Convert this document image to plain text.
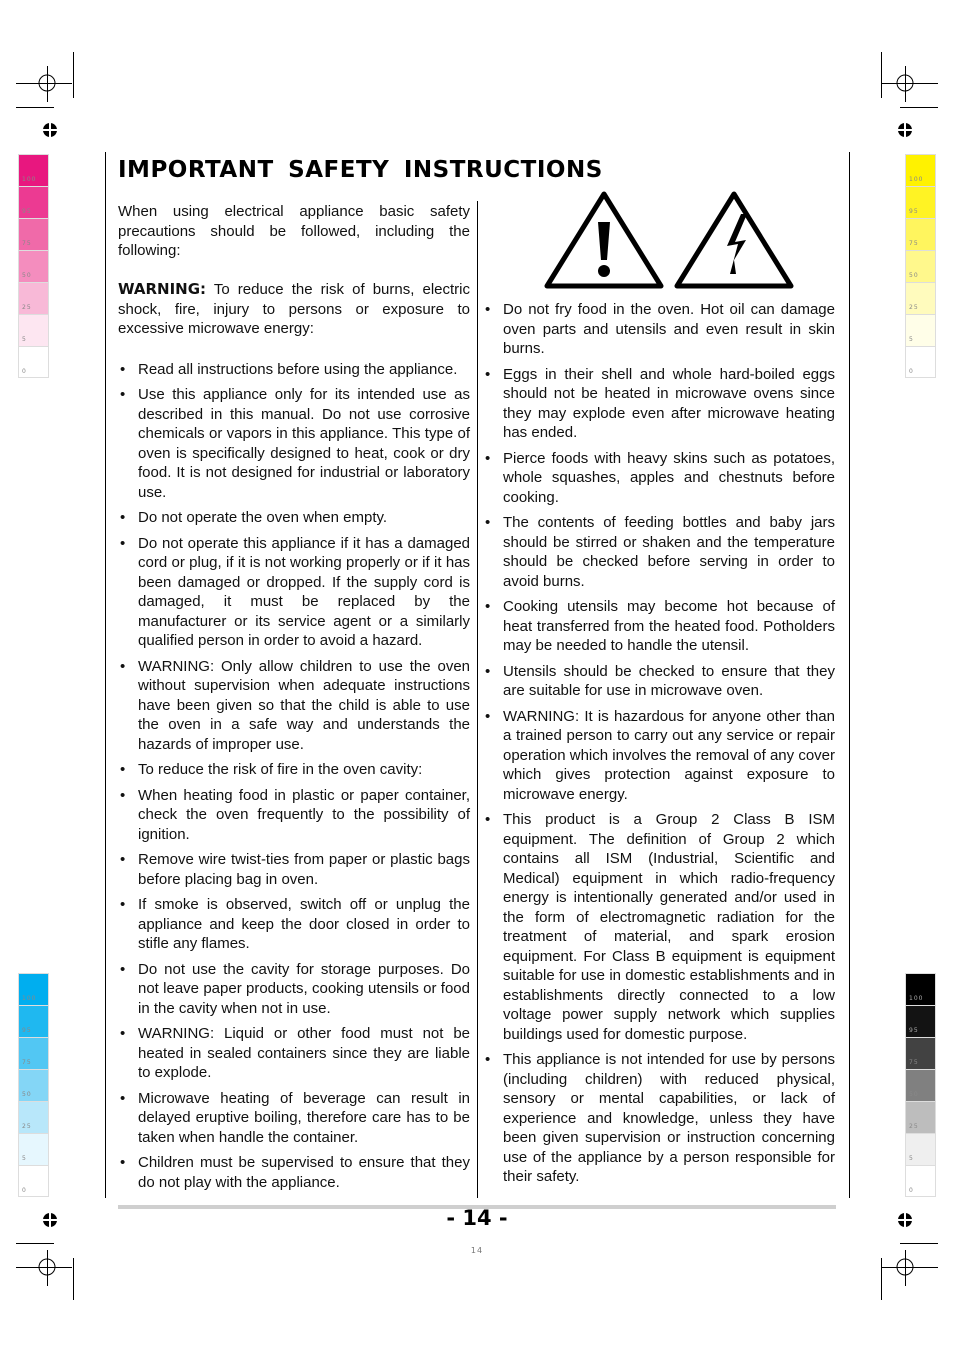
100
95
75
50
25
5
0
100
95
75
50
25
5
0
100
95
75
50
25
5
0
100
95
75
50
25
5
0
IMPORTANT SAFETY INSTRUCTIONS

When using electrical appliance basic safety precautions should be followed, including the following:

WARNING: To reduce the risk of burns, electric shock, fire, injury to persons or exposure to excessive microwave energy:

• Read all instructions before using the appliance.
• Use this appliance only for its intended use as described in this manual. Do not use corrosive chemicals or vapors in this appliance. This type of oven is specifically designed to heat, cook or dry food. It is not designed for industrial or laboratory use.
• Do not operate the oven when empty.
• Do not operate this appliance if it has a damaged cord or plug, if it is not working properly or if it has been damaged or dropped. If the supply cord is damaged, it must be replaced by the manufacturer or its service agent or a similarly qualified person in order to avoid a hazard.
• WARNING: Only allow children to use the oven without supervision when adequate instructions have been given so that the child is able to use the oven in a safe way and understands the hazards of improper use.
• To reduce the risk of fire in the oven cavity:
• When heating food in plastic or paper container, check the oven frequently to the possibility of ignition.
• Remove wire twist-ties from paper or plastic bags before placing bag in oven.
• If smoke is observed, switch off or unplug the appliance and keep the door closed in order to stifle any flames.
• Do not use the cavity for storage purposes. Do not leave paper products, cooking utensils or food in the cavity when not in use.
• WARNING: Liquid or other food must not be heated in sealed containers since they are liable to explode.
• Microwave heating of beverage can result in delayed eruptive boiling, therefore care has to be taken when handle the container.
• Children must be supervised to ensure that they do not play with the appliance.
• Do not fry food in the oven. Hot oil can damage oven parts and utensils and even result in skin burns.
• Eggs in their shell and whole hard-boiled eggs should not be heated in microwave ovens since they may explode even after microwave heating has ended.
• Pierce foods with heavy skins such as potatoes, whole squashes, apples and chestnuts before cooking.
• The contents of feeding bottles and baby jars should be stirred or shaken and the temperature should be checked before serving in order to avoid burns.
• Cooking utensils may become hot because of heat transferred from the heated food. Potholders may be needed to handle the utensil.
• Utensils should be checked to ensure that they are suitable for use in microwave oven.
• WARNING: It is hazardous for anyone other than a trained person to carry out any service or repair operation which involves the removal of any cover which gives protection against exposure to microwave energy.
• This product is a Group 2 Class B ISM equipment. The definition of Group 2 which contains all ISM (Industrial, Scientific and Medical) equipment in which radio-frequency energy is intentionally generated and/or used in the form of electromagnetic radiation for the treatment of material, and spark erosion equipment. For Class B equipment is equipment suitable for use in domestic establishments and in establishments directly connected to a low voltage power supply network which supplies buildings used for domestic purpose.
• This appliance is not intended for use by persons (including children) with reduced physical, sensory or mental capabilities, or lack of experience and knowledge, unless they have been given supervision or instruction concerning use of the appliance by a person responsible for their safety.
- 14 -
14
